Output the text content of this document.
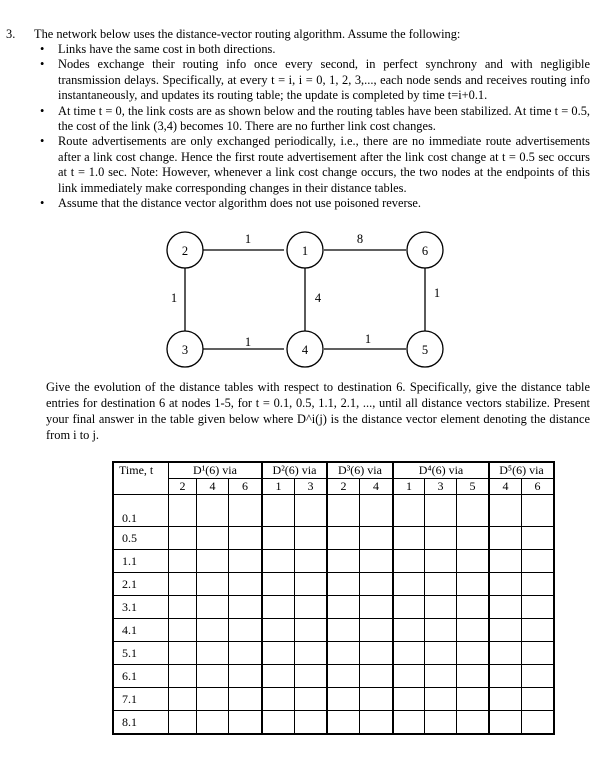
3. The network below uses the distance-vector routing algorithm. Assume the following:
• Links have the same cost in both directions.
• Nodes exchange their routing info once every second, in perfect synchrony and with negligible transmission delays. Specifically, at every t = i, i = 0, 1, 2, 3,..., each node sends and receives routing info instantaneously, and updates its routing table; the update is completed by time t=i+0.1.
• At time t = 0, the link costs are as shown below and the routing tables have been stabilized. At time t = 0.5, the cost of the link (3,4) becomes 10. There are no further link cost changes.
• Route advertisements are only exchanged periodically, i.e., there are no immediate route advertisements after a link cost change. Hence the first route advertisement after the link cost change at t = 0.5 sec occurs at t = 1.0 sec. Note: However, whenever a link cost change occurs, the two nodes at the endpoints of this link immediately make corresponding changes in their distance tables.
• Assume that the distance vector algorithm does not use poisoned reverse.
1	8
1	4	1
1	1
2	1	6
3	4	5
Give the evolution of the distance tables with respect to destination 6. Specifically, give the distance table entries for destination 6 at nodes 1-5, for t = 0.1, 0.5, 1.1, 2.1, ..., until all distance vectors stabilize. Present your final answer in the table given below where D^i(j) is the distance vector element denoting the distance from i to j.
Time, t	D¹(6) via			D²(6) via		D³(6) via		D⁴(6) via			D⁵(6) via	
	2	4	6	1	3	2	4	1	3	5	4	6
0.1												
0.5												
1.1												
2.1												
3.1												
4.1												
5.1												
6.1												
7.1												
8.1												
